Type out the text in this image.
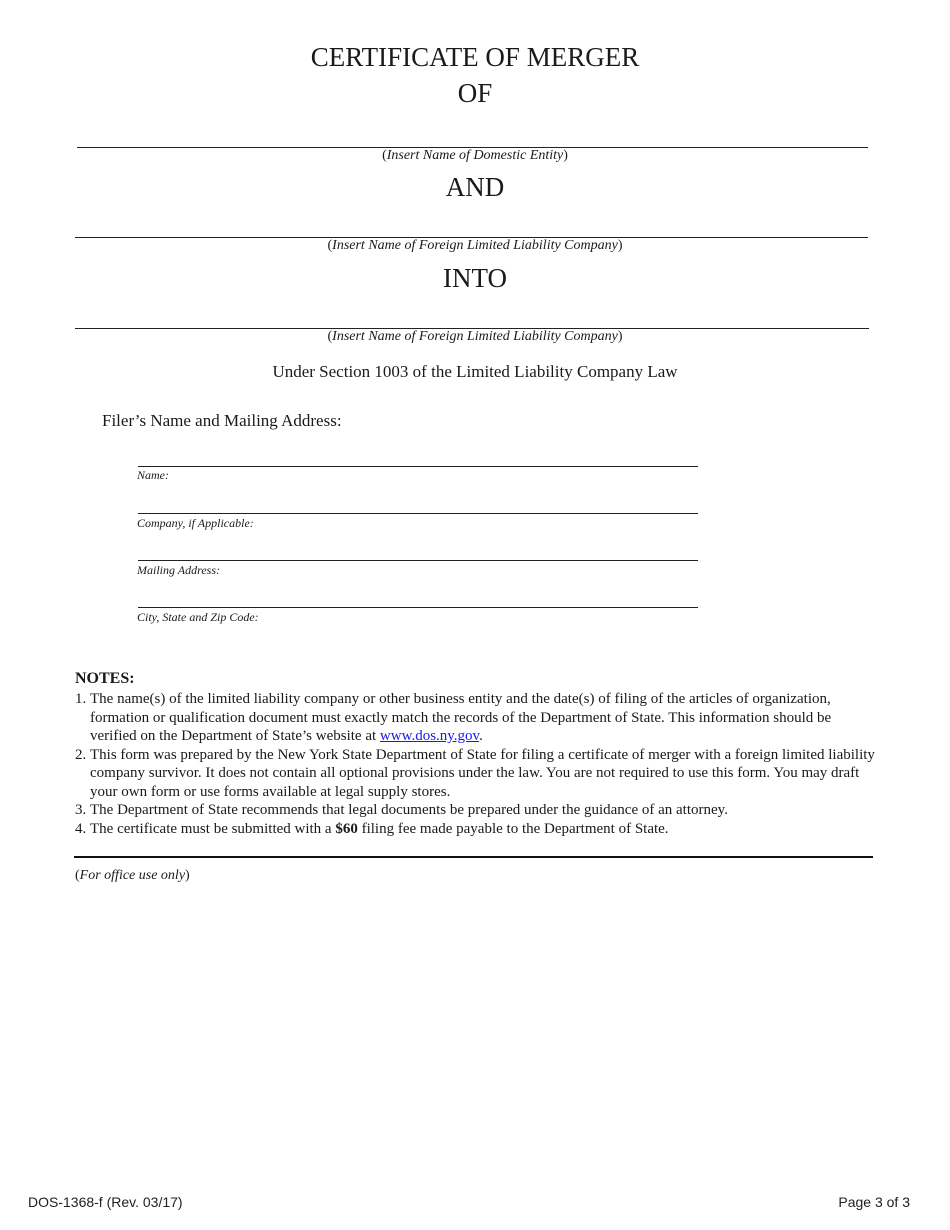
CERTIFICATE OF MERGER
OF
(Insert Name of Domestic Entity)
AND
(Insert Name of Foreign Limited Liability Company)
INTO
(Insert Name of Foreign Limited Liability Company)
Under Section 1003 of the Limited Liability Company Law
Filer’s Name and Mailing Address:
Name:
Company, if Applicable:
Mailing Address:
City, State and Zip Code:
NOTES:
1. The name(s) of the limited liability company or other business entity and the date(s) of filing of the articles of organization, formation or qualification document must exactly match the records of the Department of State. This information should be verified on the Department of State’s website at www.dos.ny.gov.
2. This form was prepared by the New York State Department of State for filing a certificate of merger with a foreign limited liability company survivor. It does not contain all optional provisions under the law. You are not required to use this form. You may draft your own form or use forms available at legal supply stores.
3. The Department of State recommends that legal documents be prepared under the guidance of an attorney.
4. The certificate must be submitted with a $60 filing fee made payable to the Department of State.
(For office use only)
DOS-1368-f (Rev. 03/17)	Page 3 of 3
